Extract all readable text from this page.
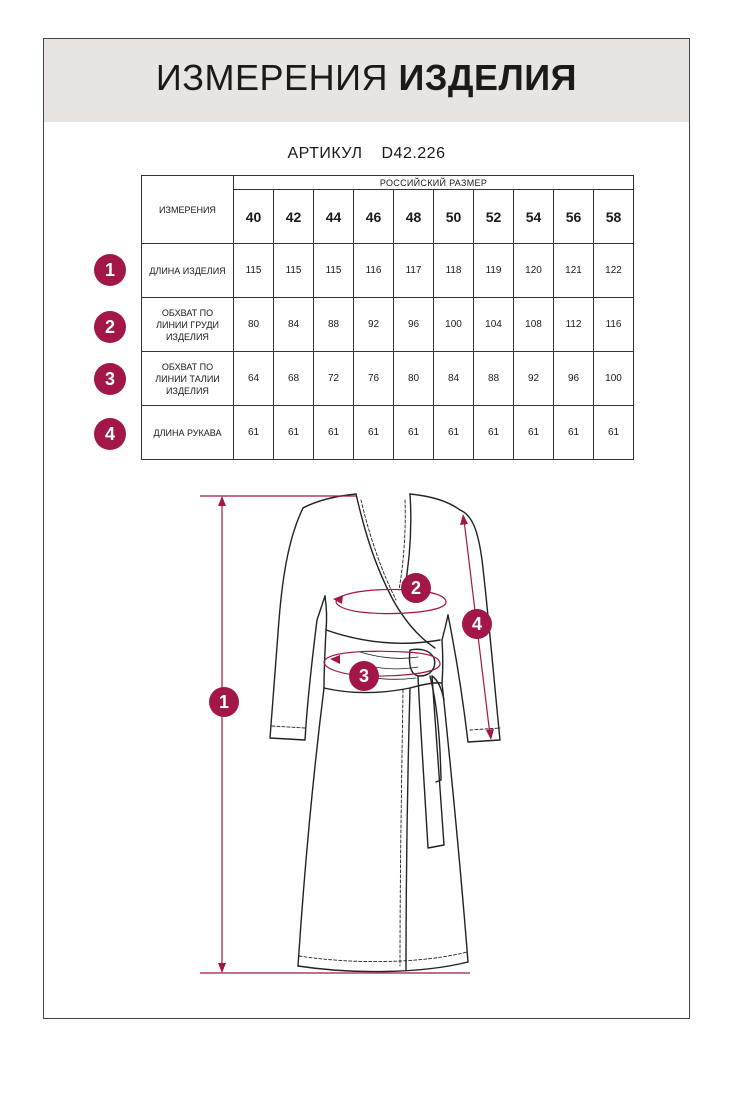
ИЗМЕРЕНИЯ ИЗДЕЛИЯ
АРТИКУЛ D42.226
ИЗМЕРЕНИЯ	РОССИЙСКИЙ РАЗМЕР									
	40	42	44	46	48	50	52	54	56	58
ДЛИНА ИЗДЕЛИЯ	115	115	115	116	117	118	119	120	121	122
ОБХВАТ ПО ЛИНИИ ГРУДИ ИЗДЕЛИЯ	80	84	88	92	96	100	104	108	112	116
ОБХВАТ ПО ЛИНИИ ТАЛИИ ИЗДЕЛИЯ	64	68	72	76	80	84	88	92	96	100
ДЛИНА РУКАВА	61	61	61	61	61	61	61	61	61	61
1
2
3
4
1
2
3
4
